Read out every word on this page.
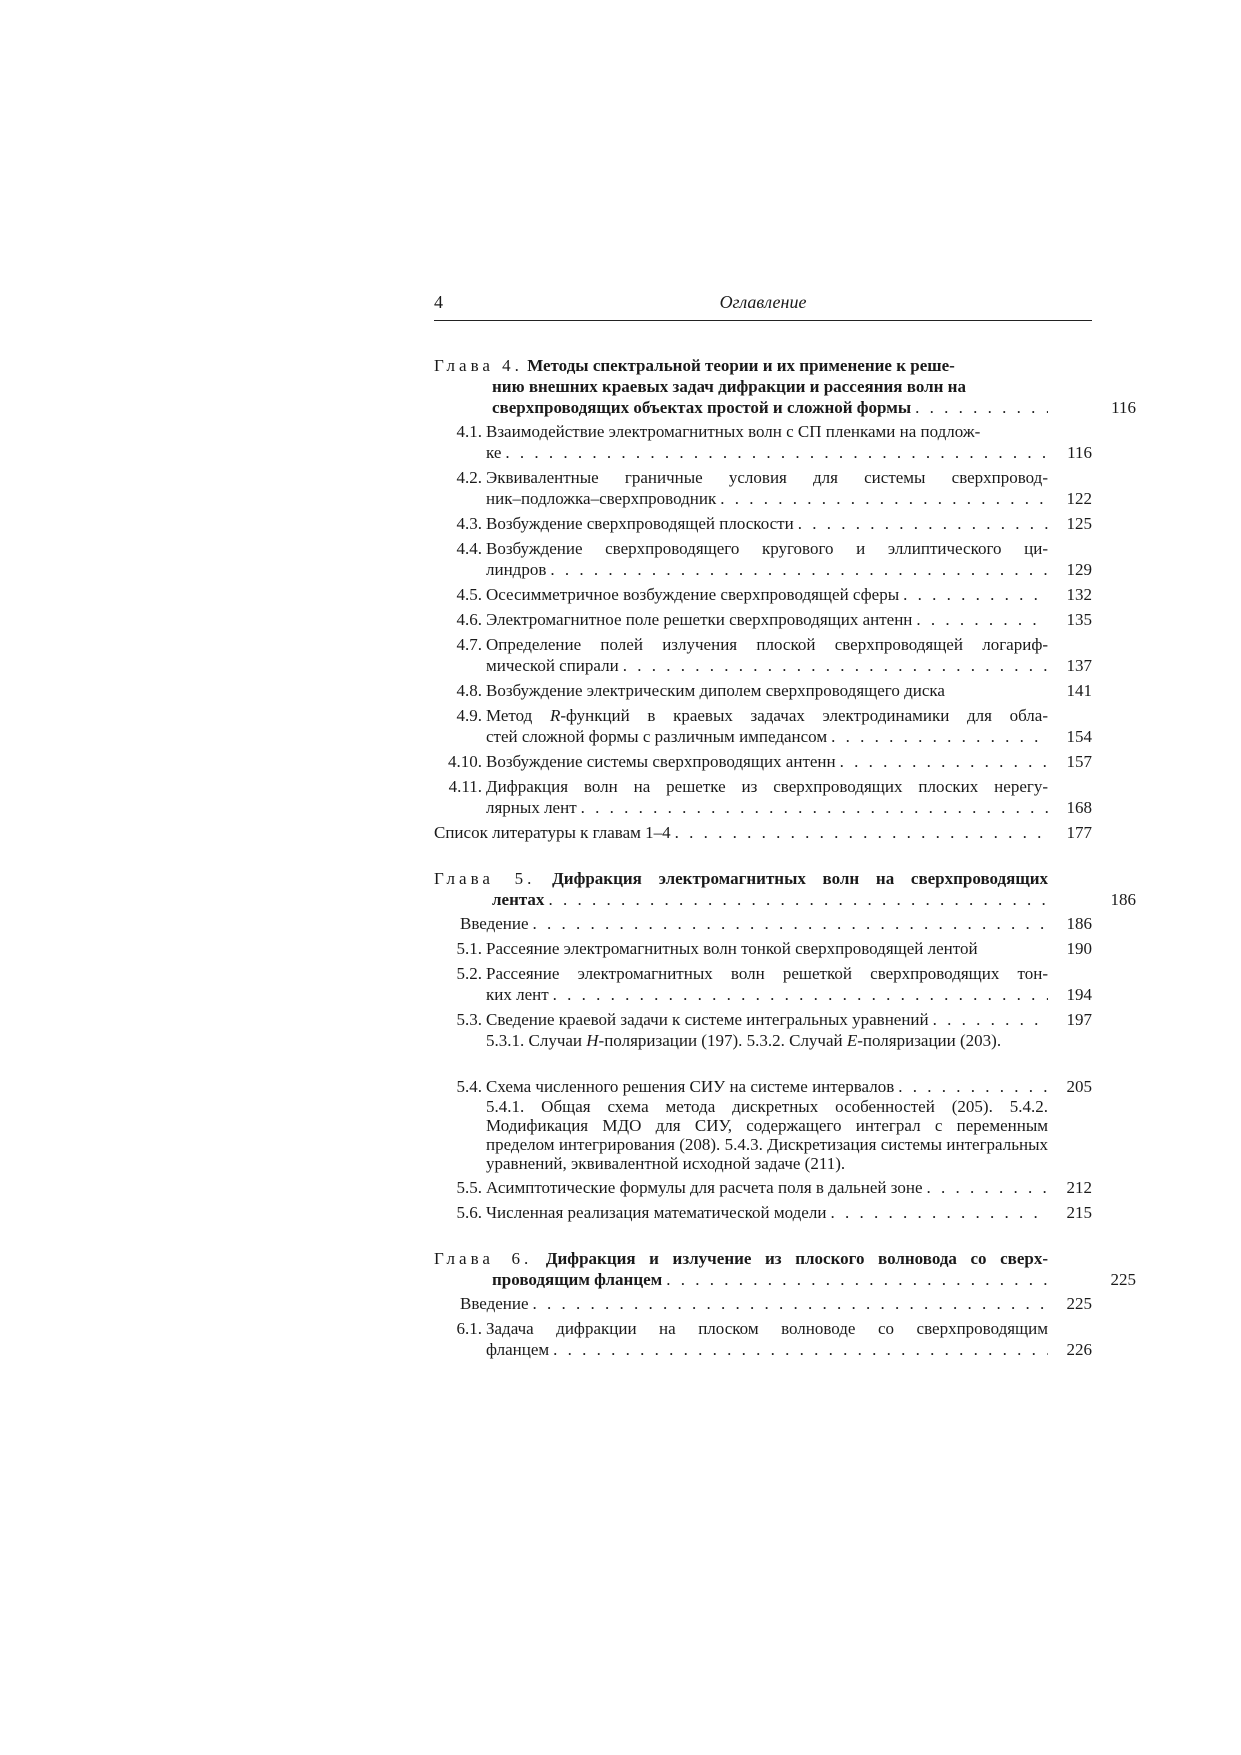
4	Оглавление
Глава 4. Методы спектральной теории и их применение к реше-
нию внешних краевых задач дифракции и рассеяния волн на
сверхпроводящих объектах простой и сложной формы . . .	116
4.1. Взаимодействие электромагнитных волн с СП пленками на подлож-
ке . . .	116
4.2. Эквивалентные граничные условия для системы сверхпровод-
ник–подложка–сверхпроводник . . .	122
4.3. Возбуждение сверхпроводящей плоскости . . .	125
4.4. Возбуждение сверхпроводящего кругового и эллиптического ци-
линдров . . .	129
4.5. Осесимметричное возбуждение сверхпроводящей сферы . . .	132
4.6. Электромагнитное поле решетки сверхпроводящих антенн . . .	135
4.7. Определение полей излучения плоской сверхпроводящей логариф-
мической спирали . . .	137
4.8. Возбуждение электрическим диполем сверхпроводящего диска	141
4.9. Метод R-функций в краевых задачах электродинамики для обла-
стей сложной формы с различным импедансом . . .	154
4.10. Возбуждение системы сверхпроводящих антенн . . .	157
4.11. Дифракция волн на решетке из сверхпроводящих плоских нерегу-
лярных лент . . .	168
Список литературы к главам 1–4 . . .	177
Глава 5. Дифракция электромагнитных волн на сверхпроводящих
лентах . . .	186
Введение . . .	186
5.1. Рассеяние электромагнитных волн тонкой сверхпроводящей лентой	190
5.2. Рассеяние электромагнитных волн решеткой сверхпроводящих тон-
ких лент . . .	194
5.3. Сведение краевой задачи к системе интегральных уравнений . . .	197
5.3.1. Случаи H-поляризации (197). 5.3.2. Случай E-поляризации (203).
5.4. Схема численного решения СИУ на системе интервалов . . .	205
5.4.1. Общая схема метода дискретных особенностей (205). 5.4.2. Модификация МДО для СИУ, содержащего интеграл с переменным пределом интегрирования (208). 5.4.3. Дискретизация системы интегральных уравнений, эквивалентной исходной задаче (211).
5.5. Асимптотические формулы для расчета поля в дальней зоне . . .	212
5.6. Численная реализация математической модели . . .	215
Глава 6. Дифракция и излучение из плоского волновода со сверх-
проводящим фланцем . . .	225
Введение . . .	225
6.1. Задача дифракции на плоском волноводе со сверхпроводящим
фланцем . . .	226
